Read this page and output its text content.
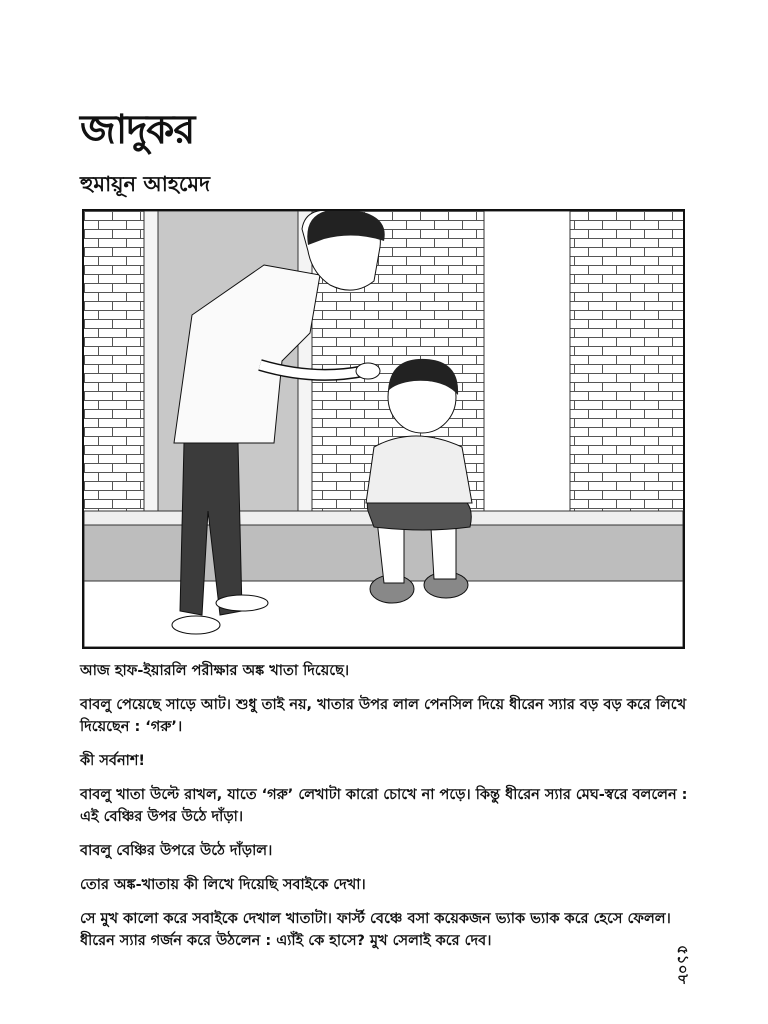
জাদুকর
হুমায়ূন আহমেদ

আজ হাফ-ইয়ারলি পরীক্ষার অঙ্ক খাতা দিয়েছে।

বাবলু পেয়েছে সাড়ে আট। শুধু তাই নয়, খাতার উপর লাল পেনসিল দিয়ে ধীরেন স্যার বড় বড় করে লিখে দিয়েছেন : ‘গরু’।

কী সর্বনাশ!

বাবলু খাতা উল্টে রাখল, যাতে ‘গরু’ লেখাটা কারো চোখে না পড়ে। কিন্তু ধীরেন স্যার মেঘ-স্বরে বললেন : এই বেঞ্চির উপর উঠে দাঁড়া।

বাবলু বেঞ্চির উপরে উঠে দাঁড়াল।

তোর অঙ্ক-খাতায় কী লিখে দিয়েছি সবাইকে দেখা।

সে মুখ কালো করে সবাইকে দেখাল খাতাটা। ফার্স্ট বেঞ্চে বসা কয়েকজন ভ্যাক ভ্যাক করে হেসে ফেলল। ধীরেন স্যার গর্জন করে উঠলেন : এ্যাঁই কে হাসে? মুখ সেলাই করে দেব।

৫১০৮
